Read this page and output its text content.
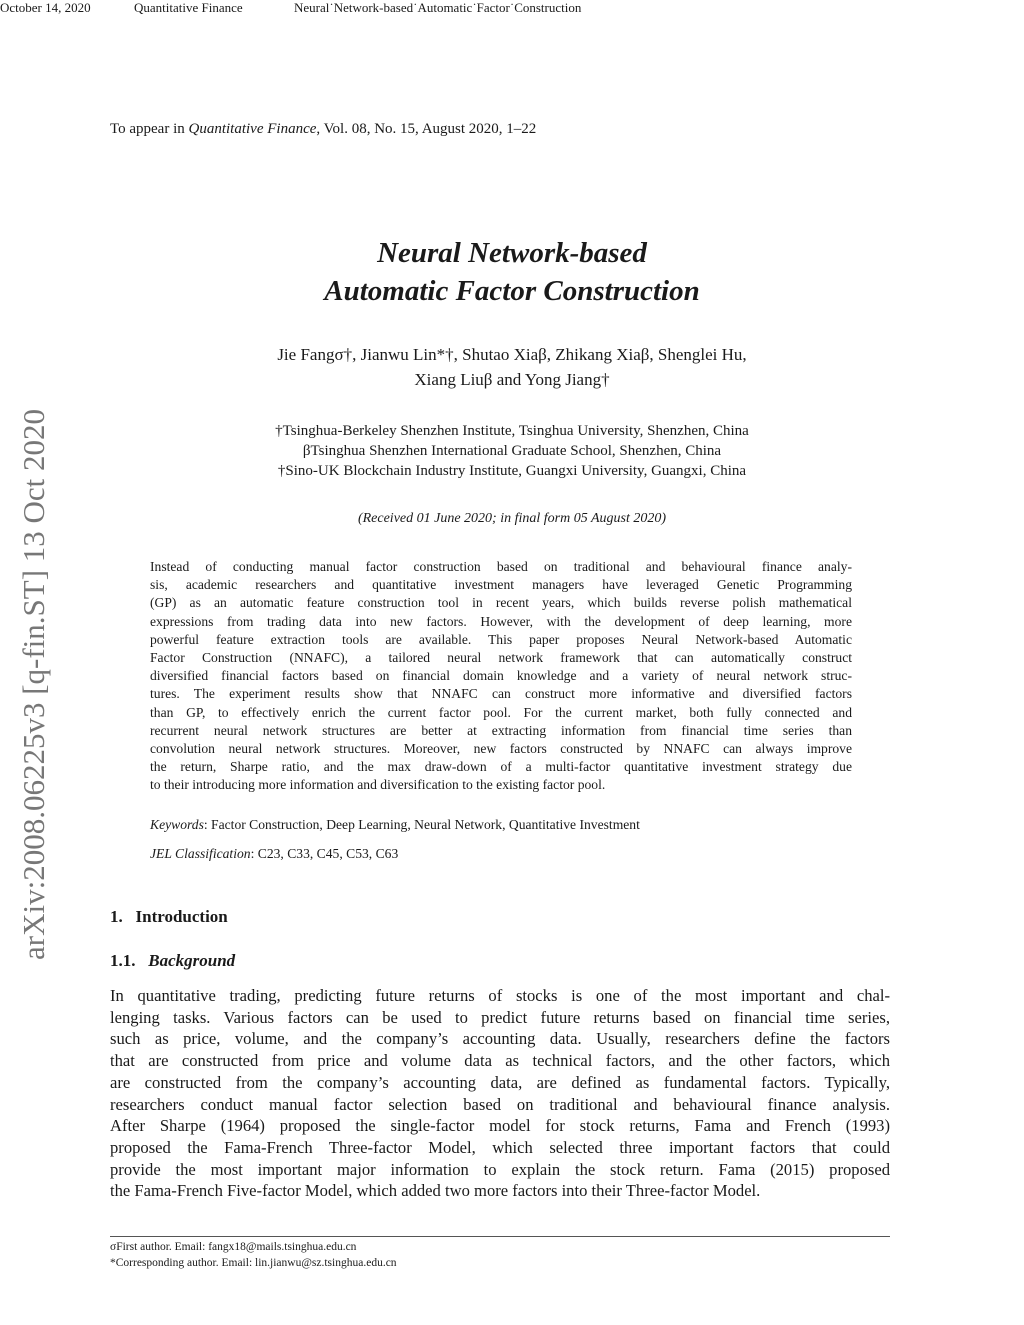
October 14, 2020	Quantitative Finance	Neural˙Network-based˙Automatic˙Factor˙Construction
To appear in Quantitative Finance, Vol. 08, No. 15, August 2020, 1–22
Neural Network-based
Automatic Factor Construction
Jie Fangσ†, Jianwu Lin*†, Shutao Xiaβ, Zhikang Xiaβ, Shenglei Hu,
Xiang Liuβ and Yong Jiang†
†Tsinghua-Berkeley Shenzhen Institute, Tsinghua University, Shenzhen, China
βTsinghua Shenzhen International Graduate School, Shenzhen, China
†Sino-UK Blockchain Industry Institute, Guangxi University, Guangxi, China
(Received 01 June 2020; in final form 05 August 2020)
Instead of conducting manual factor construction based on traditional and behavioural finance analy-
sis, academic researchers and quantitative investment managers have leveraged Genetic Programming
(GP) as an automatic feature construction tool in recent years, which builds reverse polish mathematical
expressions from trading data into new factors. However, with the development of deep learning, more
powerful feature extraction tools are available. This paper proposes Neural Network-based Automatic
Factor Construction (NNAFC), a tailored neural network framework that can automatically construct
diversified financial factors based on financial domain knowledge and a variety of neural network struc-
tures. The experiment results show that NNAFC can construct more informative and diversified factors
than GP, to effectively enrich the current factor pool. For the current market, both fully connected and
recurrent neural network structures are better at extracting information from financial time series than
convolution neural network structures. Moreover, new factors constructed by NNAFC can always improve
the return, Sharpe ratio, and the max draw-down of a multi-factor quantitative investment strategy due
to their introducing more information and diversification to the existing factor pool.
Keywords: Factor Construction, Deep Learning, Neural Network, Quantitative Investment
JEL Classification: C23, C33, C45, C53, C63
1. Introduction
1.1. Background
In quantitative trading, predicting future returns of stocks is one of the most important and chal-
lenging tasks. Various factors can be used to predict future returns based on financial time series,
such as price, volume, and the company’s accounting data. Usually, researchers define the factors
that are constructed from price and volume data as technical factors, and the other factors, which
are constructed from the company’s accounting data, are defined as fundamental factors. Typically,
researchers conduct manual factor selection based on traditional and behavioural finance analysis.
After Sharpe (1964) proposed the single-factor model for stock returns, Fama and French (1993)
proposed the Fama-French Three-factor Model, which selected three important factors that could
provide the most important major information to explain the stock return. Fama (2015) proposed
the Fama-French Five-factor Model, which added two more factors into their Three-factor Model.
σFirst author. Email: fangx18@mails.tsinghua.edu.cn
*Corresponding author. Email: lin.jianwu@sz.tsinghua.edu.cn
arXiv:2008.06225v3 [q-fin.ST] 13 Oct 2020
